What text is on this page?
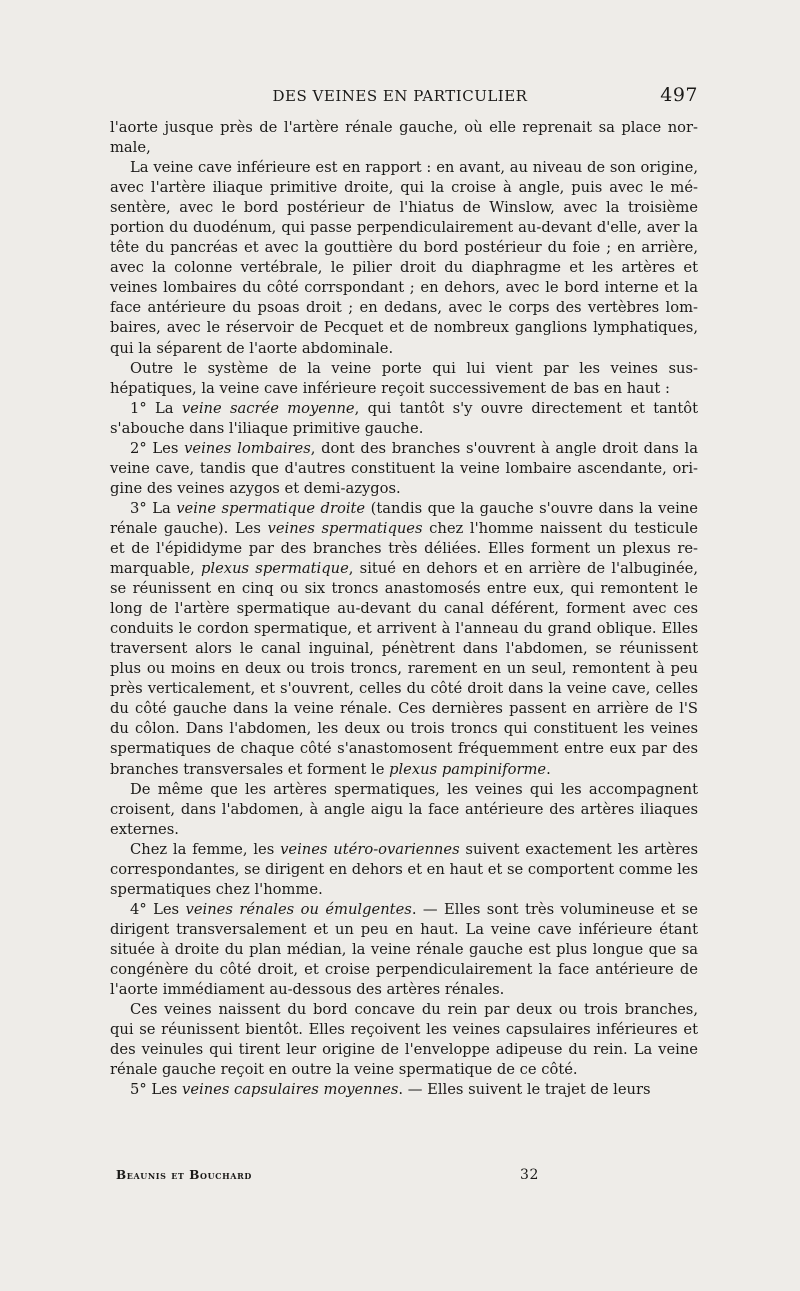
DES VEINES EN PARTICULIER	497

l'aorte jusque près de l'artère rénale gauche, où elle reprenait sa place nor-male,

La veine cave inférieure est en rapport : en avant, au niveau de son origine, avec l'artère iliaque primitive droite, qui la croise à angle, puis avec le mé-sentère, avec le bord postérieur de l'hiatus de Winslow, avec la troisième portion du duodénum, qui passe perpendiculairement au-devant d'elle, aver la tête du pancréas et avec la gouttière du bord postérieur du foie ; en arrière, avec la colonne vertébrale, le pilier droit du diaphragme et les artères et veines lombaires du côté corrspondant ; en dehors, avec le bord interne et la face antérieure du psoas droit ; en dedans, avec le corps des vertèbres lom-baires, avec le réservoir de Pecquet et de nombreux ganglions lymphatiques, qui la séparent de l'aorte abdominale.

Outre le système de la veine porte qui lui vient par les veines sus-hépatiques, la veine cave inférieure reçoit successivement de bas en haut :

1° La veine sacrée moyenne, qui tantôt s'y ouvre directement et tantôt s'abouche dans l'iliaque primitive gauche.

2° Les veines lombaires, dont des branches s'ouvrent à angle droit dans la veine cave, tandis que d'autres constituent la veine lombaire ascendante, ori-gine des veines azygos et demi-azygos.

3° La veine spermatique droite (tandis que la gauche s'ouvre dans la veine rénale gauche). Les veines spermatiques chez l'homme naissent du testicule et de l'épididyme par des branches très déliées. Elles forment un plexus re-marquable, plexus spermatique, situé en dehors et en arrière de l'albuginée, se réunissent en cinq ou six troncs anastomosés entre eux, qui remontent le long de l'artère spermatique au-devant du canal déférent, forment avec ces conduits le cordon spermatique, et arrivent à l'anneau du grand oblique. Elles traversent alors le canal inguinal, pénètrent dans l'abdomen, se réunissent plus ou moins en deux ou trois troncs, rarement en un seul, remontent à peu près verticalement, et s'ouvrent, celles du côté droit dans la veine cave, celles du côté gauche dans la veine rénale. Ces dernières passent en arrière de l'S du côlon. Dans l'abdomen, les deux ou trois troncs qui constituent les veines spermatiques de chaque côté s'anastomosent fréquemment entre eux par des branches transversales et forment le plexus pampiniforme.

De même que les artères spermatiques, les veines qui les accompagnent croisent, dans l'abdomen, à angle aigu la face antérieure des artères iliaques externes.

Chez la femme, les veines utéro-ovariennes suivent exactement les artères correspondantes, se dirigent en dehors et en haut et se comportent comme les spermatiques chez l'homme.

4° Les veines rénales ou émulgentes. — Elles sont très volumineuse et se dirigent transversalement et un peu en haut. La veine cave inférieure étant située à droite du plan médian, la veine rénale gauche est plus longue que sa congénère du côté droit, et croise perpendiculairement la face antérieure de l'aorte immédiament au-dessous des artères rénales.

Ces veines naissent du bord concave du rein par deux ou trois branches, qui se réunissent bientôt. Elles reçoivent les veines capsulaires inférieures et des veinules qui tirent leur origine de l'enveloppe adipeuse du rein. La veine rénale gauche reçoit en outre la veine spermatique de ce côté.

5° Les veines capsulaires moyennes. — Elles suivent le trajet de leurs

Beaunis et Bouchard	32
